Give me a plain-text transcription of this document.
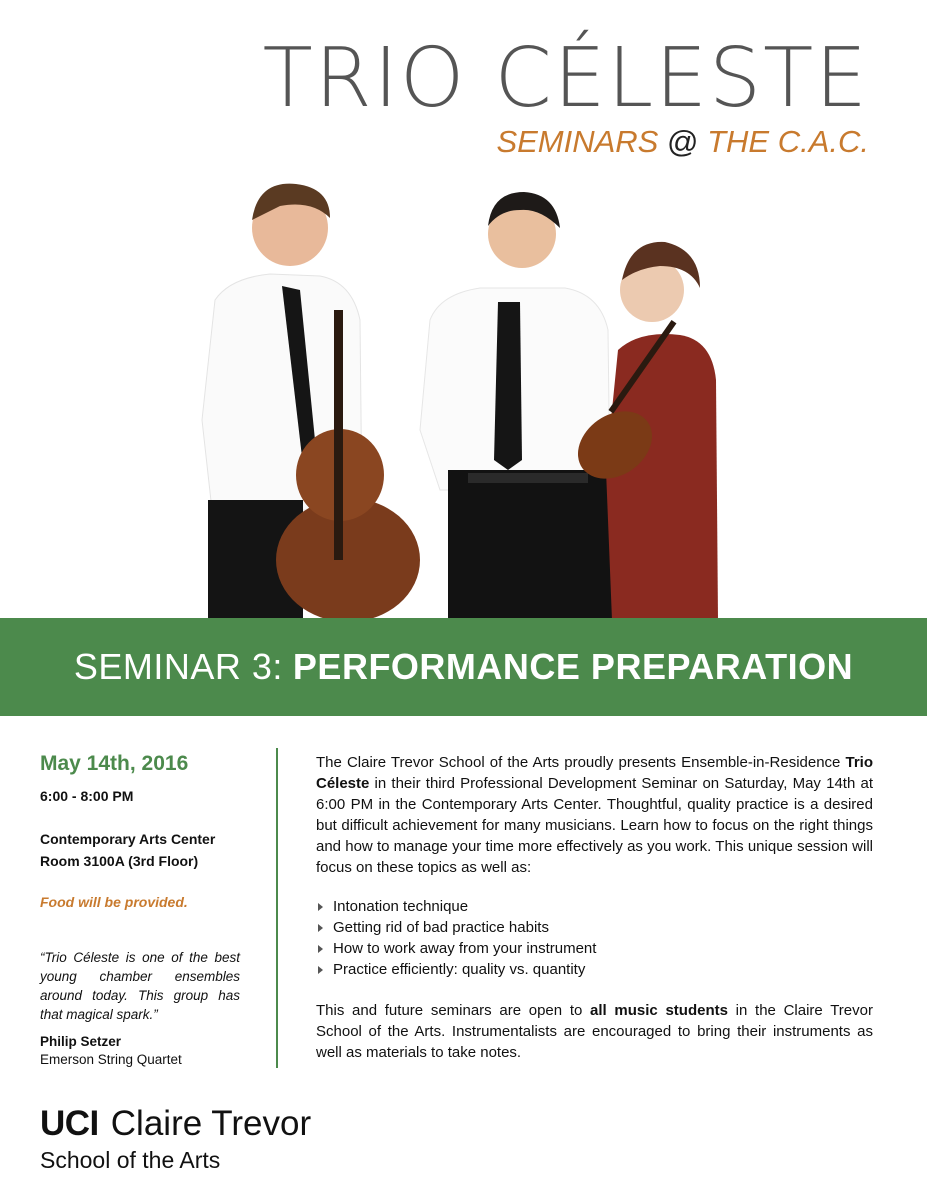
TRIO CÉLESTE
SEMINARS @ THE C.A.C.
SEMINAR 3: PERFORMANCE PREPARATION
May 14th, 2016
6:00 - 8:00 PM
Contemporary Arts Center
Room 3100A (3rd Floor)
Food will be provided.
“Trio Céleste is one of the best young chamber ensembles around today. This group has that magical spark.”
Philip Setzer
Emerson String Quartet

The Claire Trevor School of the Arts proudly presents Ensemble-in-Residence Trio Céleste in their third Professional Development Seminar on Saturday, May 14th at 6:00 PM in the Contemporary Arts Center. Thoughtful, quality practice is a desired but difficult achievement for many musicians. Learn how to focus on the right things and how to manage your time more effectively as you work. This unique session will focus on these topics as well as:

Intonation technique
Getting rid of bad practice habits
How to work away from your instrument
Practice efficiently: quality vs. quantity

This and future seminars are open to all music students in the Claire Trevor School of the Arts. Instrumentalists are encouraged to bring their instruments as well as materials to take notes.

UCI Claire Trevor
School of the Arts
